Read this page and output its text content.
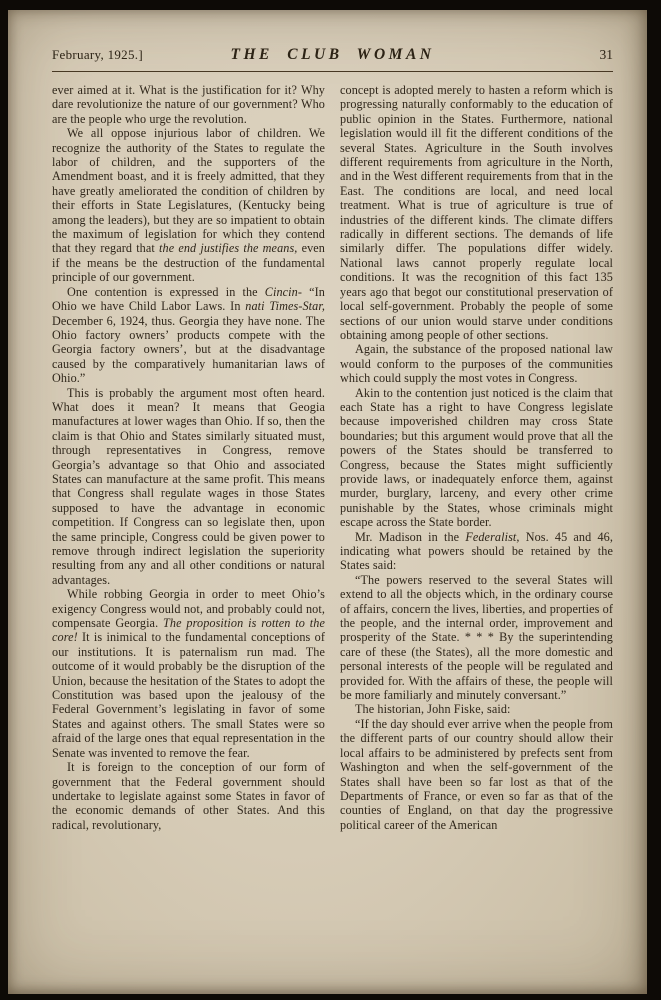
February, 1925.]	THE CLUB WOMAN	31

ever aimed at it. What is the justification for it? Why dare revolutionize the nature of our government? Who are the people who urge the revolution.

We all oppose injurious labor of children. We recognize the authority of the States to regulate the labor of children, and the supporters of the Amendment boast, and it is freely admitted, that they have greatly ameliorated the condition of children by their efforts in State Legislatures, (Kentucky being among the leaders), but they are so impatient to obtain the maximum of legislation for which they contend that they regard that the end justifies the means, even if the means be the destruction of the fundamental principle of our government.

One contention is expressed in the Cincin- “In Ohio we have Child Labor Laws. In nati Times-Star, December 6, 1924, thus. Georgia they have none. The Ohio factory owners’ products compete with the Georgia factory owners’, but at the disadvantage caused by the comparatively humanitarian laws of Ohio.”

This is probably the argument most often heard. What does it mean? It means that Geogia manufactures at lower wages than Ohio. If so, then the claim is that Ohio and States similarly situated must, through representatives in Congress, remove Georgia’s advantage so that Ohio and associated States can manufacture at the same profit. This means that Congress shall regulate wages in those States supposed to have the advantage in economic competition. If Congress can so legislate then, upon the same principle, Congress could be given power to remove through indirect legislation the superiority resulting from any and all other conditions or natural advantages.

While robbing Georgia in order to meet Ohio’s exigency Congress would not, and probably could not, compensate Georgia. The proposition is rotten to the core! It is inimical to the fundamental conceptions of our institutions. It is paternalism run mad. The outcome of it would probably be the disruption of the Union, because the hesitation of the States to adopt the Constitution was based upon the jealousy of the Federal Government’s legislating in favor of some States and against others. The small States were so afraid of the large ones that equal representation in the Senate was invented to remove the fear.

It is foreign to the conception of our form of government that the Federal government should undertake to legislate against some States in favor of the economic demands of other States. And this radical, revolutionary,

concept is adopted merely to hasten a reform which is progressing naturally conformably to the education of public opinion in the States. Furthermore, national legislation would ill fit the different conditions of the several States. Agriculture in the South involves different requirements from agriculture in the North, and in the West different requirements from that in the East. The conditions are local, and need local treatment. What is true of agriculture is true of industries of the different kinds. The climate differs radically in different sections. The demands of life similarly differ. The populations differ widely. National laws cannot properly regulate local conditions. It was the recognition of this fact 135 years ago that begot our constitutional preservation of local self-government. Probably the people of some sections of our union would starve under conditions obtaining among people of other sections.

Again, the substance of the proposed national law would conform to the purposes of the communities which could supply the most votes in Congress.

Akin to the contention just noticed is the claim that each State has a right to have Congress legislate because impoverished children may cross State boundaries; but this argument would prove that all the powers of the States should be transferred to Congress, because the States might sufficiently provide laws, or inadequately enforce them, against murder, burglary, larceny, and every other crime punishable by the States, whose criminals might escape across the State border.

Mr. Madison in the Federalist, Nos. 45 and 46, indicating what powers should be retained by the States said:

“The powers reserved to the several States will extend to all the objects which, in the ordinary course of affairs, concern the lives, liberties, and properties of the people, and the internal order, improvement and prosperity of the State. * * * By the superintending care of these (the States), all the more domestic and personal interests of the people will be regulated and provided for. With the affairs of these, the people will be more familiarly and minutely conversant.”

The historian, John Fiske, said:

“If the day should ever arrive when the people from the different parts of our country should allow their local affairs to be administered by prefects sent from Washington and when the self-government of the States shall have been so far lost as that of the Departments of France, or even so far as that of the counties of England, on that day the progressive political career of the American
